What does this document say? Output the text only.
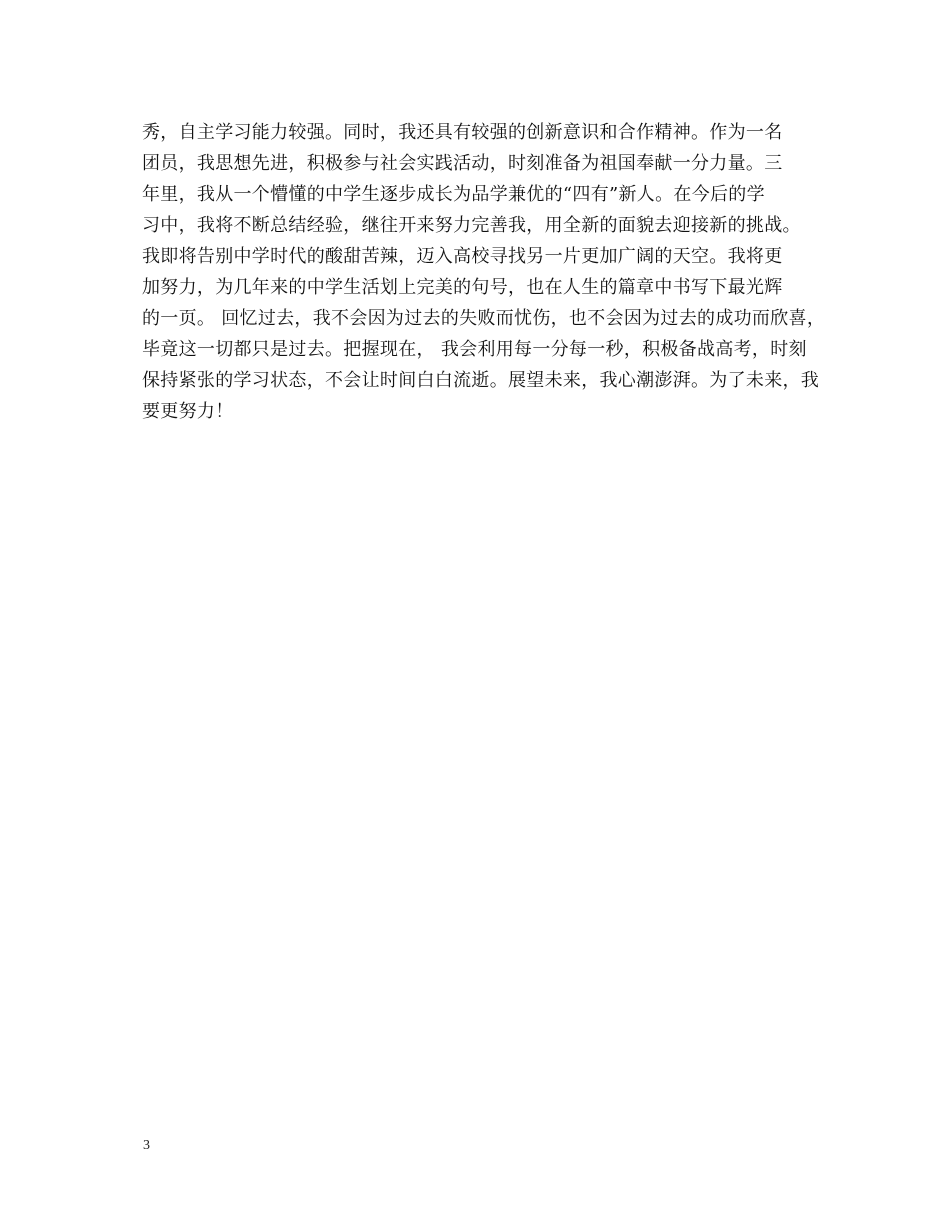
秀，自主学习能力较强。同时，我还具有较强的创新意识和合作精神。作为一名
团员，我思想先进，积极参与社会实践活动，时刻准备为祖国奉献一分力量。三
年里，我从一个懵懂的中学生逐步成长为品学兼优的“四有”新人。在今后的学
习中，我将不断总结经验，继往开来努力完善我，用全新的面貌去迎接新的挑战。
我即将告别中学时代的酸甜苦辣，迈入高校寻找另一片更加广阔的天空。我将更
加努力，为几年来的中学生活划上完美的句号，也在人生的篇章中书写下最光辉
的一页。 回忆过去，我不会因为过去的失败而忧伤，也不会因为过去的成功而欣喜，
毕竟这一切都只是过去。把握现在， 我会利用每一分每一秒，积极备战高考，时刻
保持紧张的学习状态，不会让时间白白流逝。展望未来，我心潮澎湃。为了未来，我
要更努力！
3
